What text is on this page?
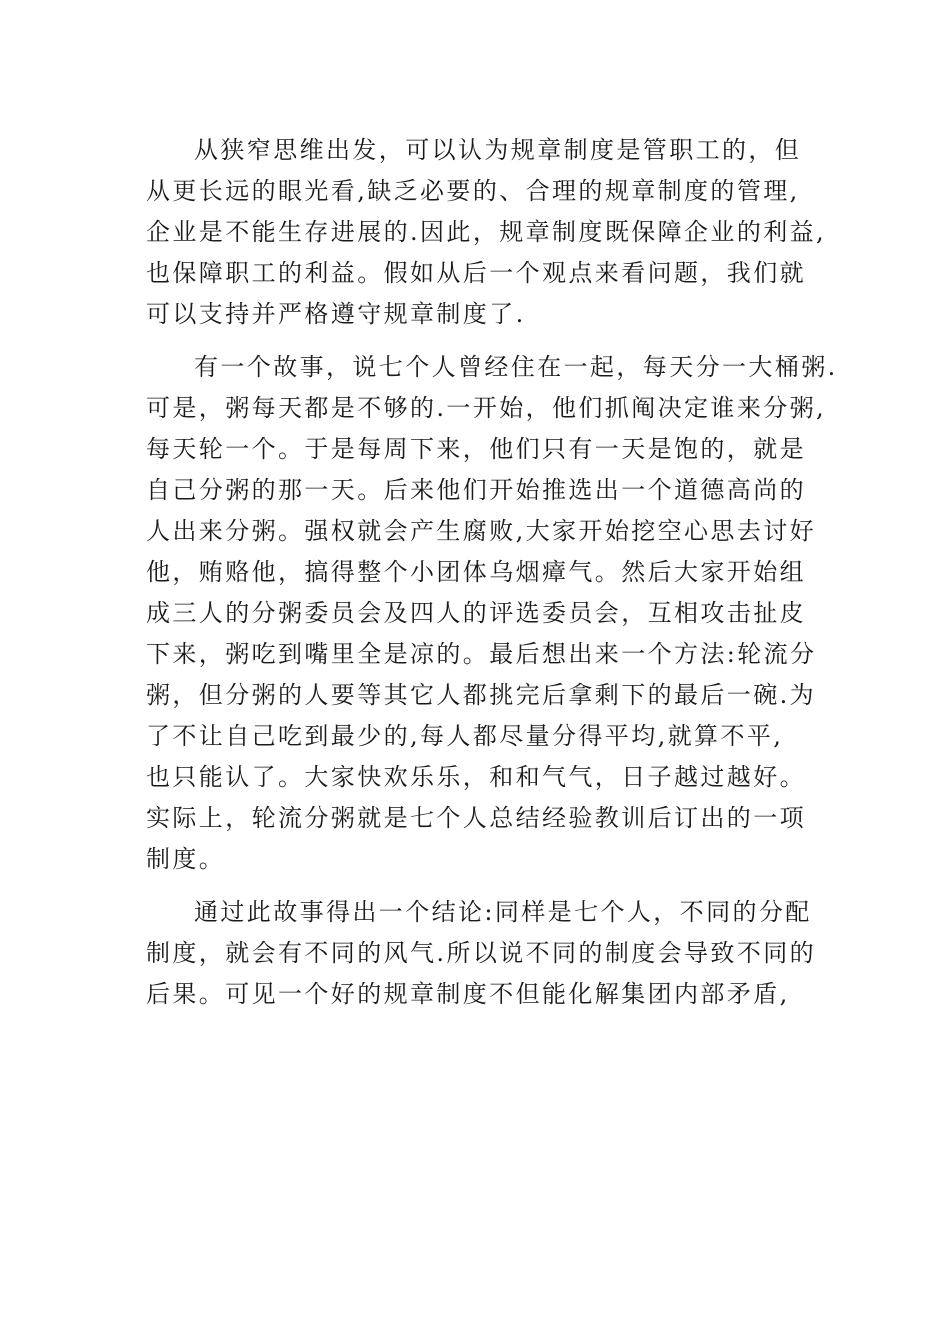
从狭窄思维出发，可以认为规章制度是管职工的，但
从更长远的眼光看,缺乏必要的、合理的规章制度的管理,
企业是不能生存进展的.因此，规章制度既保障企业的利益,
也保障职工的利益。假如从后一个观点来看问题，我们就
可以支持并严格遵守规章制度了.
有一个故事，说七个人曾经住在一起，每天分一大桶粥.
可是，粥每天都是不够的.一开始，他们抓阄决定谁来分粥,
每天轮一个。于是每周下来，他们只有一天是饱的，就是
自己分粥的那一天。后来他们开始推选出一个道德高尚的
人出来分粥。强权就会产生腐败,大家开始挖空心思去讨好
他，贿赂他，搞得整个小团体乌烟瘴气。然后大家开始组
成三人的分粥委员会及四人的评选委员会，互相攻击扯皮
下来，粥吃到嘴里全是凉的。最后想出来一个方法:轮流分
粥，但分粥的人要等其它人都挑完后拿剩下的最后一碗.为
了不让自己吃到最少的,每人都尽量分得平均,就算不平,
也只能认了。大家快欢乐乐，和和气气，日子越过越好。
实际上，轮流分粥就是七个人总结经验教训后订出的一项
制度。
通过此故事得出一个结论:同样是七个人，不同的分配
制度，就会有不同的风气.所以说不同的制度会导致不同的
后果。可见一个好的规章制度不但能化解集团内部矛盾,
